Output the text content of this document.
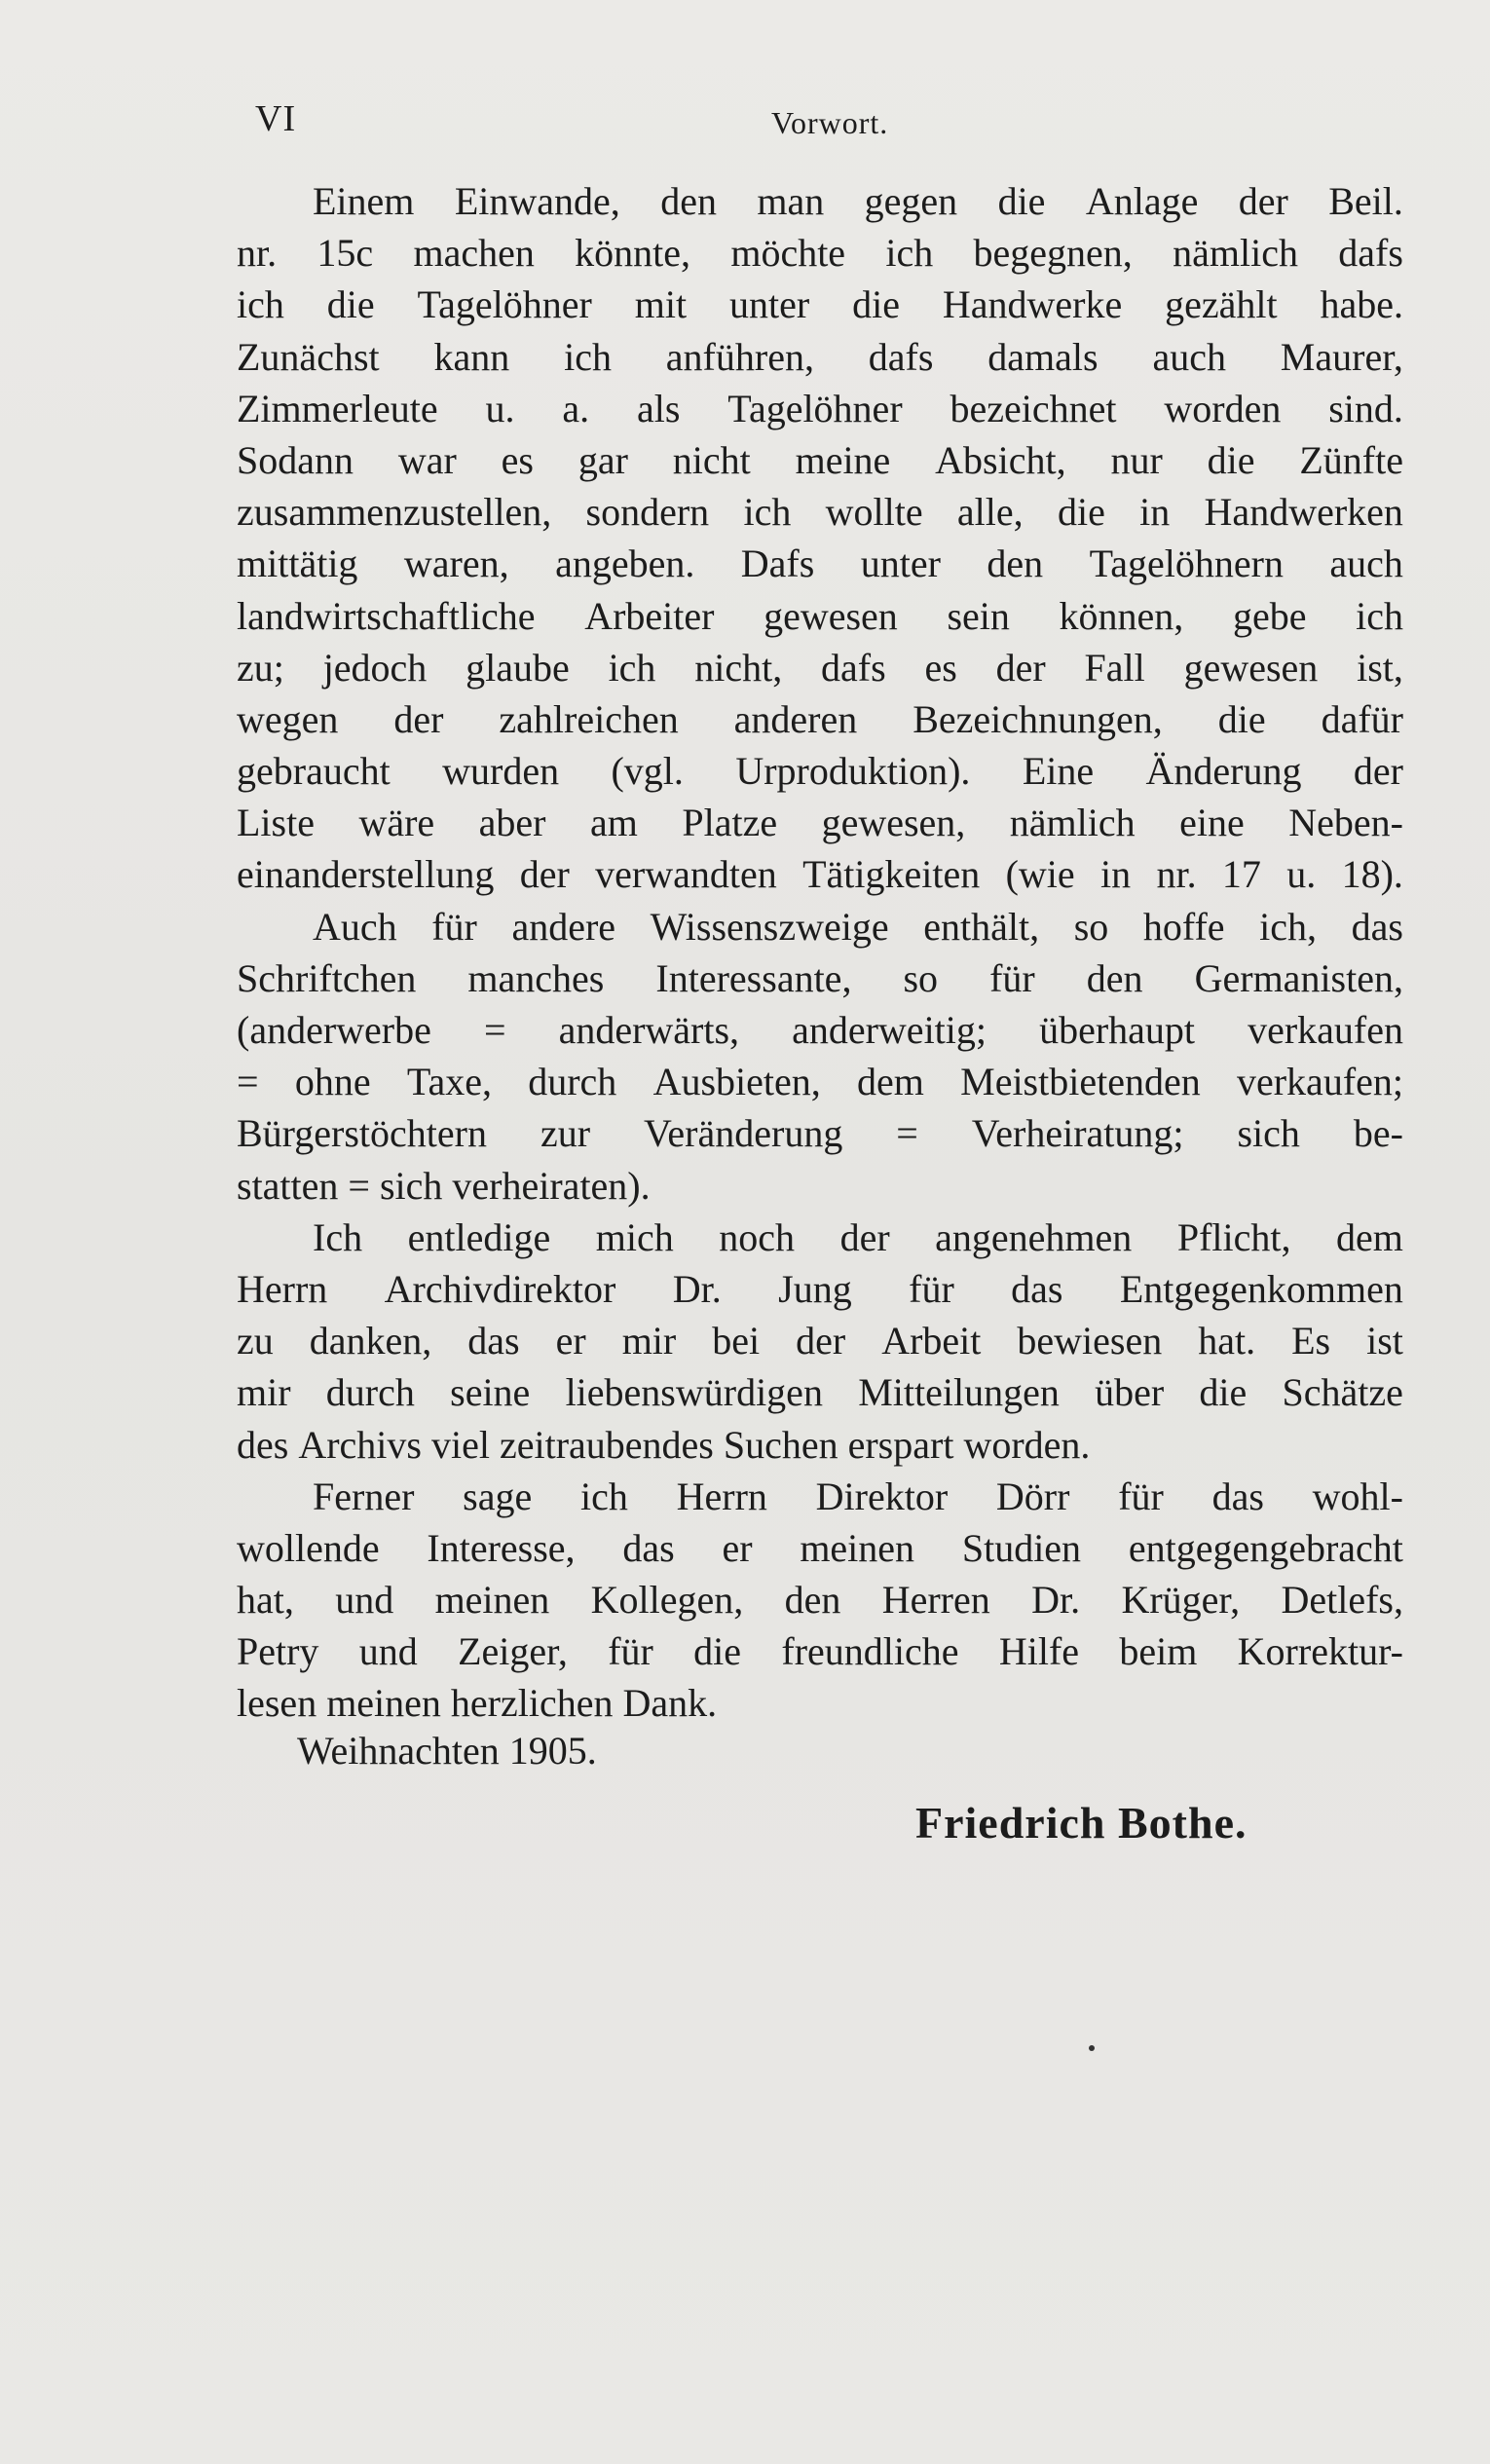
VI	Vorwort.
Einem Einwande, den man gegen die Anlage der Beil.
nr. 15c machen könnte, möchte ich begegnen, nämlich dafs
ich die Tagelöhner mit unter die Handwerke gezählt habe.
Zunächst kann ich anführen, dafs damals auch Maurer,
Zimmerleute u. a. als Tagelöhner bezeichnet worden sind.
Sodann war es gar nicht meine Absicht, nur die Zünfte
zusammenzustellen, sondern ich wollte alle, die in Handwerken
mittätig waren, angeben. Dafs unter den Tagelöhnern auch
landwirtschaftliche Arbeiter gewesen sein können, gebe ich
zu; jedoch glaube ich nicht, dafs es der Fall gewesen ist,
wegen der zahlreichen anderen Bezeichnungen, die dafür
gebraucht wurden (vgl. Urproduktion). Eine Änderung der
Liste wäre aber am Platze gewesen, nämlich eine Neben-
einanderstellung der verwandten Tätigkeiten (wie in nr. 17 u. 18).
Auch für andere Wissenszweige enthält, so hoffe ich, das
Schriftchen manches Interessante, so für den Germanisten,
(anderwerbe = anderwärts, anderweitig; überhaupt verkaufen
= ohne Taxe, durch Ausbieten, dem Meistbietenden verkaufen;
Bürgerstöchtern zur Veränderung = Verheiratung; sich be-
statten
=
sich
verheiraten).

Ich entledige mich noch der angenehmen Pflicht, dem
Herrn Archivdirektor Dr. Jung für das Entgegenkommen
zu danken, das er mir bei der Arbeit bewiesen hat. Es ist
mir durch seine liebenswürdigen Mitteilungen über die Schätze
des
Archivs
viel
zeitraubendes
Suchen
erspart
worden.

Ferner sage ich Herrn Direktor Dörr für das wohl-
wollende Interesse, das er meinen Studien entgegengebracht
hat, und meinen Kollegen, den Herren Dr. Krüger, Detlefs,
Petry und Zeiger, für die freundliche Hilfe beim Korrektur-
lesen
meinen
herzlichen
Dank.

Weihnachten 1905.
Friedrich Bothe.
